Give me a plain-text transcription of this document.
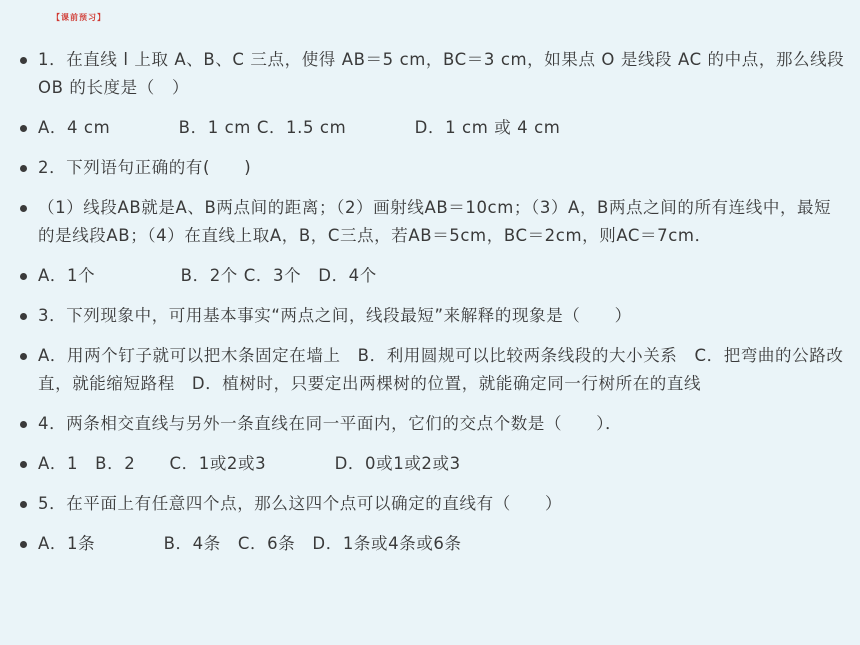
【课前预习】
1．在直线 l 上取 A、B、C 三点，使得 AB＝5 cm，BC＝3 cm，如果点 O 是线段 AC 的中点，那么线段 OB 的长度是（　）
A．4 cm　　　　B．1 cm C．1.5 cm　　　　D．1 cm 或 4 cm
2．下列语句正确的有(　　)
（1）线段AB就是A、B两点间的距离；（2）画射线AB＝10cm；（3）A，B两点之间的所有连线中，最短的是线段AB；（4）在直线上取A，B，C三点，若AB＝5cm，BC＝2cm，则AC＝7cm．
A．1个　　　　　B．2个 C．3个　D．4个
3．下列现象中，可用基本事实“两点之间，线段最短”来解释的现象是（　　）
A．用两个钉子就可以把木条固定在墙上　B．利用圆规可以比较两条线段的大小关系　C．把弯曲的公路改直，就能缩短路程　D．植树时，只要定出两棵树的位置，就能确定同一行树所在的直线
4．两条相交直线与另外一条直线在同一平面内，它们的交点个数是（　　）．
A．1　B．2　　C．1或2或3　　　　D．0或1或2或3
5．在平面上有任意四个点，那么这四个点可以确定的直线有（　　）
A．1条　　　　B．4条　C．6条　D．1条或4条或6条
